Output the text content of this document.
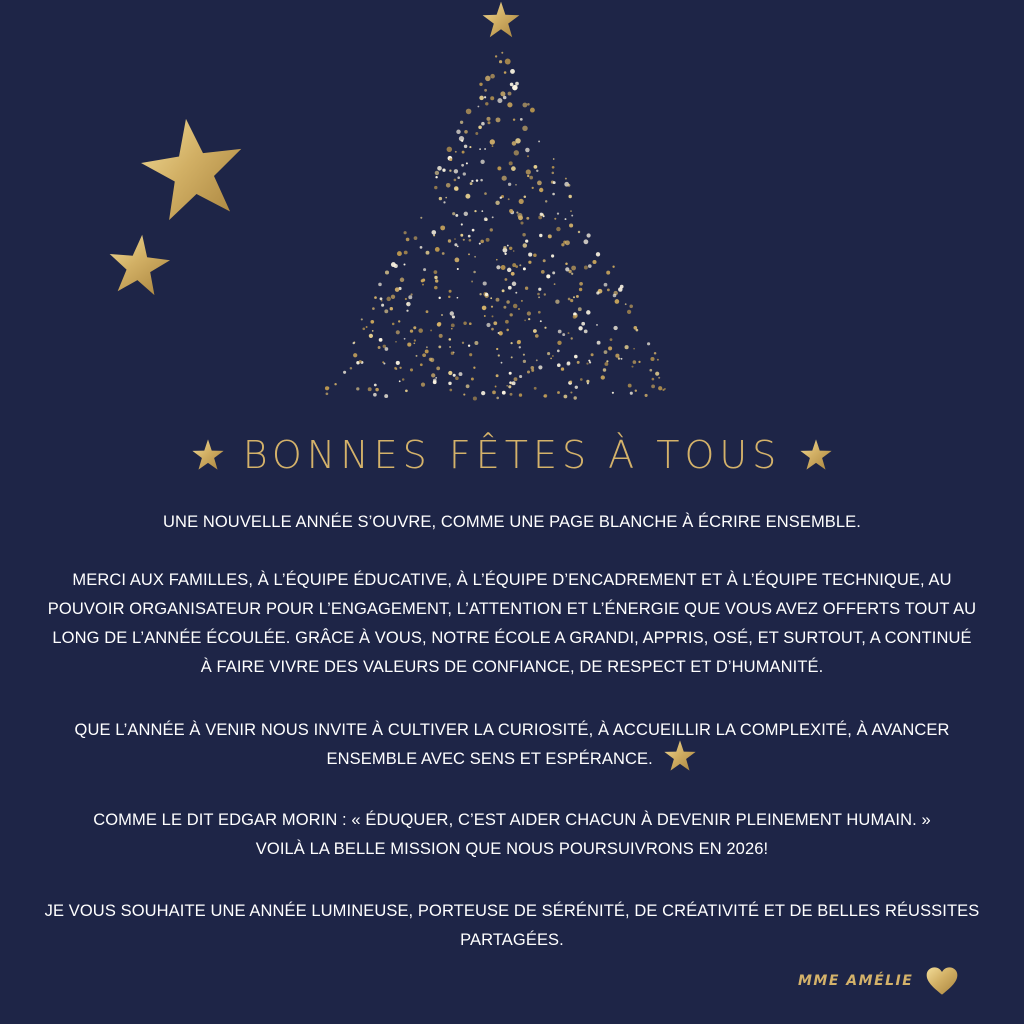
BONNES FÊTES À TOUS
UNE NOUVELLE ANNÉE S’OUVRE, COMME UNE PAGE BLANCHE À ÉCRIRE ENSEMBLE.
MERCI AUX FAMILLES, À L’ÉQUIPE ÉDUCATIVE, À L’ÉQUIPE D’ENCADREMENT ET À L’ÉQUIPE TECHNIQUE, AU
POUVOIR ORGANISATEUR POUR L’ENGAGEMENT, L’ATTENTION ET L’ÉNERGIE QUE VOUS AVEZ OFFERTS TOUT AU
LONG DE L’ANNÉE ÉCOULÉE. GRÂCE À VOUS, NOTRE ÉCOLE A GRANDI, APPRIS, OSÉ, ET SURTOUT, A CONTINUÉ
À FAIRE VIVRE DES VALEURS DE CONFIANCE, DE RESPECT ET D’HUMANITÉ.
QUE L’ANNÉE À VENIR NOUS INVITE À CULTIVER LA CURIOSITÉ, À ACCUEILLIR LA COMPLEXITÉ, À AVANCER
ENSEMBLE AVEC SENS ET ESPÉRANCE.
COMME LE DIT EDGAR MORIN : « ÉDUQUER, C’EST AIDER CHACUN À DEVENIR PLEINEMENT HUMAIN. »
VOILÀ LA BELLE MISSION QUE NOUS POURSUIVRONS EN 2026!
JE VOUS SOUHAITE UNE ANNÉE LUMINEUSE, PORTEUSE DE SÉRÉNITÉ, DE CRÉATIVITÉ ET DE BELLES RÉUSSITES
PARTAGÉES.
MME AMÉLIE
